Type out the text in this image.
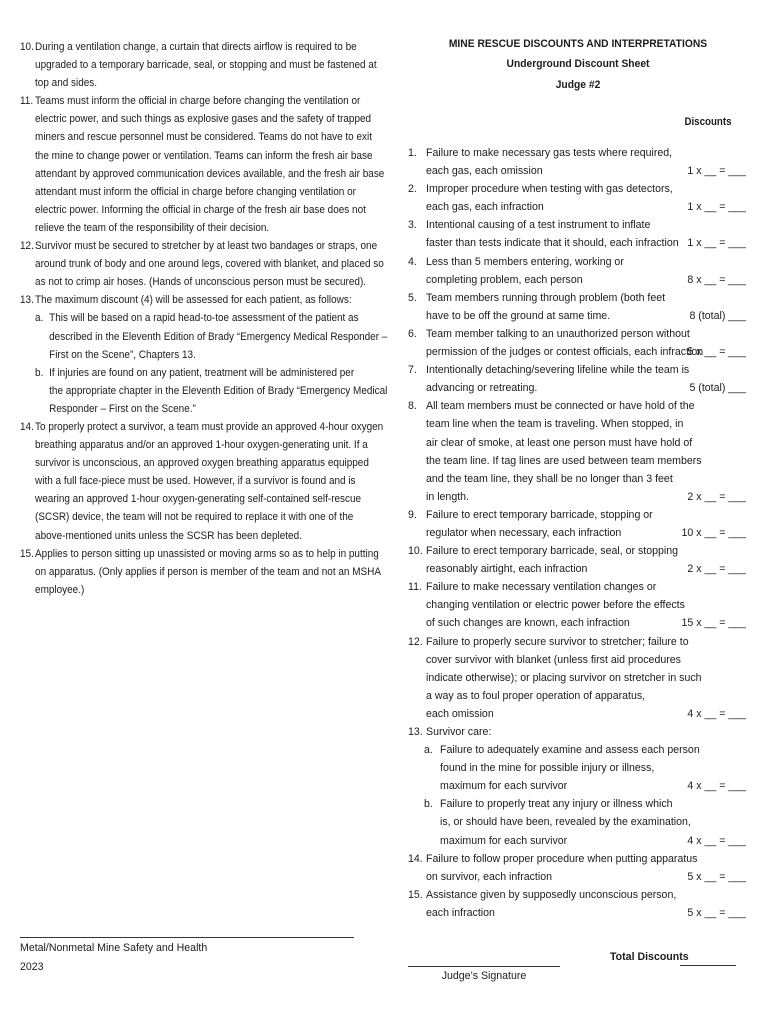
10. During a ventilation change, a curtain that directs airflow is required to be
upgraded to a temporary barricade, seal, or stopping and must be fastened at
top and sides.
11. Teams must inform the official in charge before changing the ventilation or
electric power, and such things as explosive gases and the safety of trapped
miners and rescue personnel must be considered. Teams do not have to exit
the mine to change power or ventilation. Teams can inform the fresh air base
attendant by approved communication devices available, and the fresh air base
attendant must inform the official in charge before changing ventilation or
electric power. Informing the official in charge of the fresh air base does not
relieve the team of the responsibility of their decision.
12. Survivor must be secured to stretcher by at least two bandages or straps, one
around trunk of body and one around legs, covered with blanket, and placed so
as not to crimp air hoses. (Hands of unconscious person must be secured).
13. The maximum discount (4) will be assessed for each patient, as follows:
a. This will be based on a rapid head-to-toe assessment of the patient as
described in the Eleventh Edition of Brady “Emergency Medical Responder –
First on the Scene”, Chapters 13.
b. If injuries are found on any patient, treatment will be administered per
the appropriate chapter in the Eleventh Edition of Brady “Emergency Medical
Responder – First on the Scene.”
14. To properly protect a survivor, a team must provide an approved 4-hour oxygen
breathing apparatus and/or an approved 1-hour oxygen-generating unit. If a
survivor is unconscious, an approved oxygen breathing apparatus equipped
with a full face-piece must be used. However, if a survivor is found and is
wearing an approved 1-hour oxygen-generating self-contained self-rescue
(SCSR) device, the team will not be required to replace it with one of the
above-mentioned units unless the SCSR has been depleted.
15. Applies to person sitting up unassisted or moving arms so as to help in putting
on apparatus. (Only applies if person is member of the team and not an MSHA
employee.)
Metal/Nonmetal Mine Safety and Health
2023
MINE RESCUE DISCOUNTS AND INTERPRETATIONS
Underground Discount Sheet
Judge #2
Discounts
1. Failure to make necessary gas tests where required,
each gas, each omission	1 x __ = ___
2. Improper procedure when testing with gas detectors,
each gas, each infraction	1 x __ = ___
3. Intentional causing of a test instrument to inflate
faster than tests indicate that it should, each infraction 1 x __ = ___
4. Less than 5 members entering, working or
completing problem, each person	8 x __ = ___
5. Team members running through problem (both feet
have to be off the ground at same time.	8 (total) ___
6. Team member talking to an unauthorized person without
permission of the judges or contest officials, each infraction
5 x __ = ___
7. Intentionally detaching/severing lifeline while the team is
advancing or retreating.	5 (total) ___
8. All team members must be connected or have hold of the
team line when the team is traveling. When stopped, in
air clear of smoke, at least one person must have hold of
the team line. If tag lines are used between team members
and the team line, they shall be no longer than 3 feet
in length.	2 x __ = ___
9. Failure to erect temporary barricade, stopping or
regulator when necessary, each infraction	10 x __ = ___
10. Failure to erect temporary barricade, seal, or stopping
reasonably airtight, each infraction	2 x __ = ___
11. Failure to make necessary ventilation changes or
changing ventilation or electric power before the effects
of such changes are known, each infraction	15 x __ = ___
12. Failure to properly secure survivor to stretcher; failure to
cover survivor with blanket (unless first aid procedures
indicate otherwise); or placing survivor on stretcher in such
a way as to foul proper operation of apparatus,
each omission	4 x __ = ___
13. Survivor care:
a. Failure to adequately examine and assess each person
found in the mine for possible injury or illness,
maximum for each survivor	4 x __ = ___
b. Failure to properly treat any injury or illness which
is, or should have been, revealed by the examination,
maximum for each survivor	4 x __ = ___
14. Failure to follow proper procedure when putting apparatus
on survivor, each infraction	5 x __ = ___
15. Assistance given by supposedly unconscious person,
each infraction	5 x __ = ___
Judge’s Signature
Total Discounts
